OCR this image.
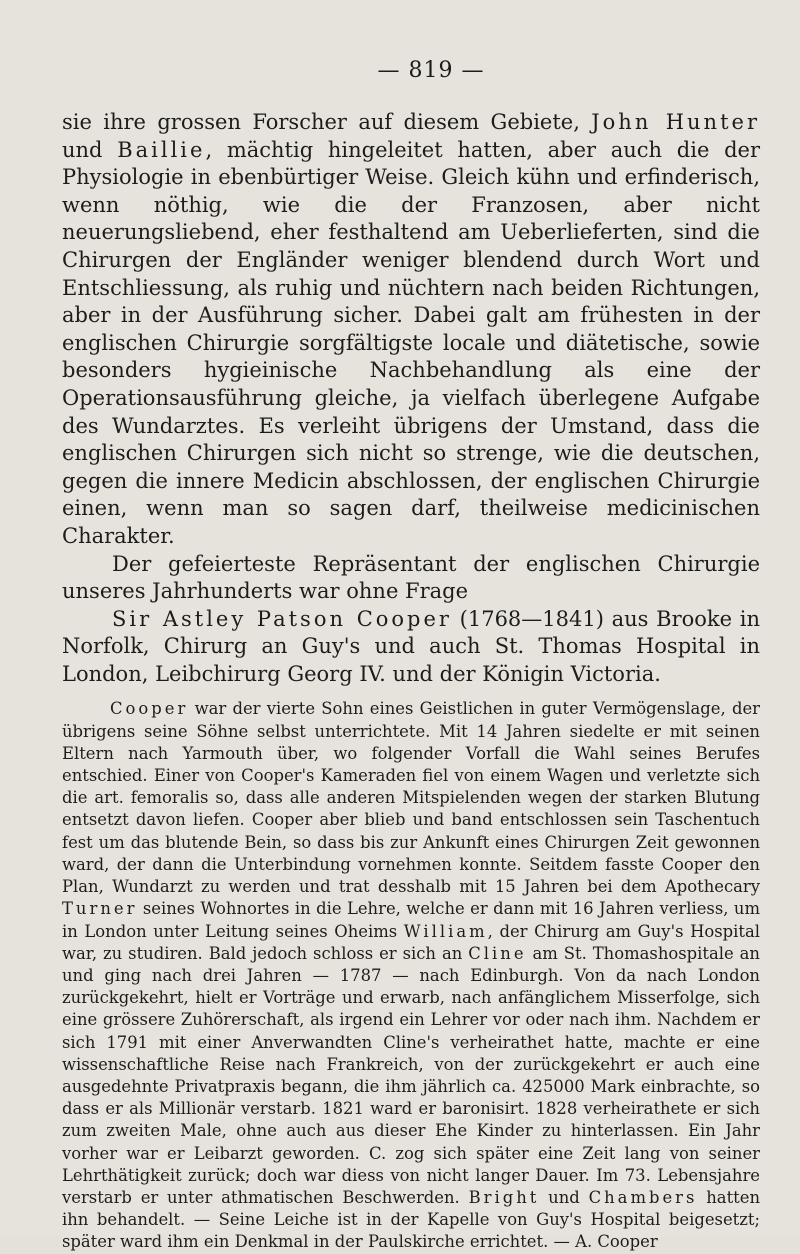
— 819 —

sie ihre grossen Forscher auf diesem Gebiete, John Hunter und Baillie, mächtig hingeleitet hatten, aber auch die der Physiologie in ebenbürtiger Weise. Gleich kühn und erfinderisch, wenn nöthig, wie die der Franzosen, aber nicht neuerungsliebend, eher festhaltend am Ueberlieferten, sind die Chirurgen der Engländer weniger blendend durch Wort und Entschliessung, als ruhig und nüchtern nach beiden Richtungen, aber in der Ausführung sicher. Dabei galt am frühesten in der englischen Chirurgie sorgfältigste locale und diätetische, sowie besonders hygieinische Nachbehandlung als eine der Operationsausführung gleiche, ja vielfach überlegene Aufgabe des Wundarztes. Es verleiht übrigens der Umstand, dass die englischen Chirurgen sich nicht so strenge, wie die deutschen, gegen die innere Medicin abschlossen, der englischen Chirurgie einen, wenn man so sagen darf, theilweise medicinischen Charakter.

Der gefeierteste Repräsentant der englischen Chirurgie unseres Jahrhunderts war ohne Frage

Sir Astley Patson Cooper (1768—1841) aus Brooke in Norfolk, Chirurg an Guy's und auch St. Thomas Hospital in London, Leibchirurg Georg IV. und der Königin Victoria.

Cooper war der vierte Sohn eines Geistlichen in guter Vermögenslage, der übrigens seine Söhne selbst unterrichtete. Mit 14 Jahren siedelte er mit seinen Eltern nach Yarmouth über, wo folgender Vorfall die Wahl seines Berufes entschied. Einer von Cooper's Kameraden fiel von einem Wagen und verletzte sich die art. femoralis so, dass alle anderen Mitspielenden wegen der starken Blutung entsetzt davon liefen. Cooper aber blieb und band entschlossen sein Taschentuch fest um das blutende Bein, so dass bis zur Ankunft eines Chirurgen Zeit gewonnen ward, der dann die Unterbindung vornehmen konnte. Seitdem fasste Cooper den Plan, Wundarzt zu werden und trat desshalb mit 15 Jahren bei dem Apothecary Turner seines Wohnortes in die Lehre, welche er dann mit 16 Jahren verliess, um in London unter Leitung seines Oheims William, der Chirurg am Guy's Hospital war, zu studiren. Bald jedoch schloss er sich an Cline am St. Thomashospitale an und ging nach drei Jahren — 1787 — nach Edinburgh. Von da nach London zurückgekehrt, hielt er Vorträge und erwarb, nach anfänglichem Misserfolge, sich eine grössere Zuhörerschaft, als irgend ein Lehrer vor oder nach ihm. Nachdem er sich 1791 mit einer Anverwandten Cline's verheirathet hatte, machte er eine wissenschaftliche Reise nach Frankreich, von der zurückgekehrt er auch eine ausgedehnte Privatpraxis begann, die ihm jährlich ca. 425000 Mark einbrachte, so dass er als Millionär verstarb. 1821 ward er baronisirt. 1828 verheirathete er sich zum zweiten Male, ohne auch aus dieser Ehe Kinder zu hinterlassen. Ein Jahr vorher war er Leibarzt geworden. C. zog sich später eine Zeit lang von seiner Lehrthätigkeit zurück; doch war diess von nicht langer Dauer. Im 73. Lebensjahre verstarb er unter athmatischen Beschwerden. Bright und Chambers hatten ihn behandelt. — Seine Leiche ist in der Kapelle von Guy's Hospital beigesetzt; später ward ihm ein Denkmal in der Paulskirche errichtet. — A. Cooper
